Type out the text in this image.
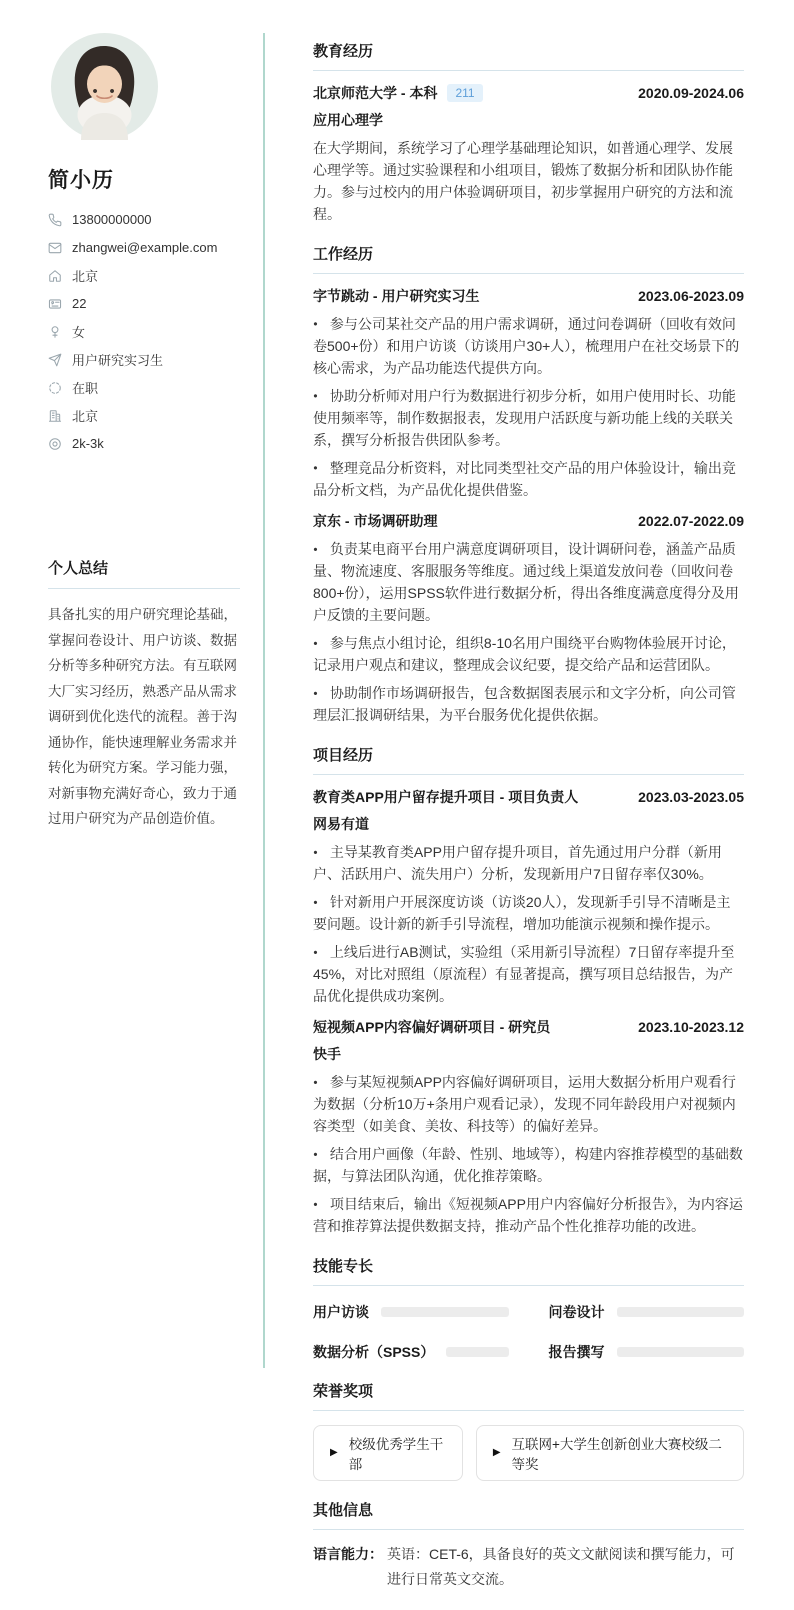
简小历
13800000000
zhangwei@example.com
北京
22
女
用户研究实习生
在职
北京
2k-3k
个人总结
具备扎实的用户研究理论基础，掌握问卷设计、用户访谈、数据分析等多种研究方法。有互联网大厂实习经历，熟悉产品从需求调研到优化迭代的流程。善于沟通协作，能快速理解业务需求并转化为研究方案。学习能力强，对新事物充满好奇心，致力于通过用户研究为产品创造价值。
教育经历
北京师范大学 - 本科	211	2020.09-2024.06
应用心理学
在大学期间，系统学习了心理学基础理论知识，如普通心理学、发展心理学等。通过实验课程和小组项目，锻炼了数据分析和团队协作能力。参与过校内的用户体验调研项目，初步掌握用户研究的方法和流程。
工作经历
字节跳动 - 用户研究实习生	2023.06-2023.09
• 参与公司某社交产品的用户需求调研，通过问卷调研（回收有效问卷500+份）和用户访谈（访谈用户30+人），梳理用户在社交场景下的核心需求，为产品功能迭代提供方向。
• 协助分析师对用户行为数据进行初步分析，如用户使用时长、功能使用频率等，制作数据报表，发现用户活跃度与新功能上线的关联关系，撰写分析报告供团队参考。
• 整理竞品分析资料，对比同类型社交产品的用户体验设计，输出竞品分析文档，为产品优化提供借鉴。
京东 - 市场调研助理	2022.07-2022.09
• 负责某电商平台用户满意度调研项目，设计调研问卷，涵盖产品质量、物流速度、客服服务等维度。通过线上渠道发放问卷（回收问卷800+份），运用SPSS软件进行数据分析，得出各维度满意度得分及用户反馈的主要问题。
• 参与焦点小组讨论，组织8-10名用户围绕平台购物体验展开讨论，记录用户观点和建议，整理成会议纪要，提交给产品和运营团队。
• 协助制作市场调研报告，包含数据图表展示和文字分析，向公司管理层汇报调研结果，为平台服务优化提供依据。
项目经历
教育类APP用户留存提升项目 - 项目负责人	2023.03-2023.05
网易有道
• 主导某教育类APP用户留存提升项目，首先通过用户分群（新用户、活跃用户、流失用户）分析，发现新用户7日留存率仅30%。
• 针对新用户开展深度访谈（访谈20人），发现新手引导不清晰是主要问题。设计新的新手引导流程，增加功能演示视频和操作提示。
• 上线后进行AB测试，实验组（采用新引导流程）7日留存率提升至45%，对比对照组（原流程）有显著提高，撰写项目总结报告，为产品优化提供成功案例。
短视频APP内容偏好调研项目 - 研究员	2023.10-2023.12
快手
• 参与某短视频APP内容偏好调研项目，运用大数据分析用户观看行为数据（分析10万+条用户观看记录），发现不同年龄段用户对视频内容类型（如美食、美妆、科技等）的偏好差异。
• 结合用户画像（年龄、性别、地域等），构建内容推荐模型的基础数据，与算法团队沟通，优化推荐策略。
• 项目结束后，输出《短视频APP用户内容偏好分析报告》，为内容运营和推荐算法提供数据支持，推动产品个性化推荐功能的改进。
技能专长
用户访谈	问卷设计
数据分析（SPSS）	报告撰写
荣誉奖项
▶
校级优秀学生干部
▶
互联网+大学生创新创业大赛校级二等奖
其他信息
语言能力： 英语：CET-6，具备良好的英文文献阅读和撰写能力，可进行日常英文交流。
